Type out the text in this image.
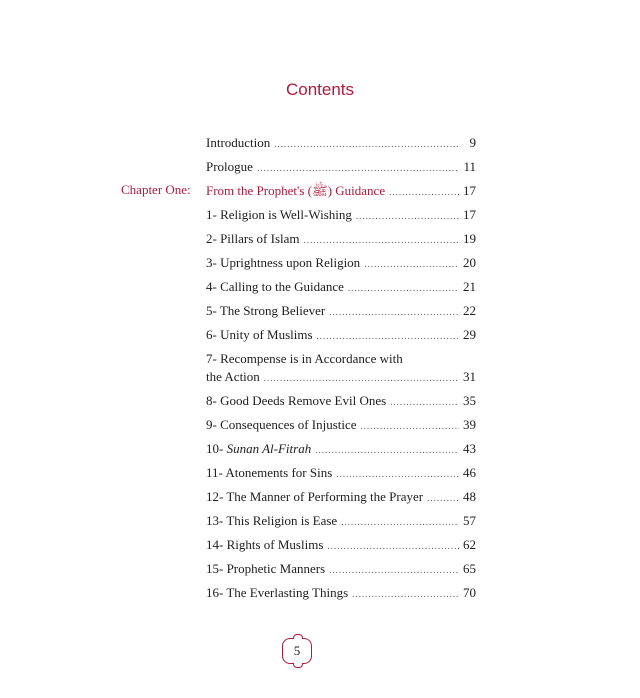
Contents
Chapter One:
Introduction .....	9
Prologue .....	11
From the Prophet's (ﷺ) Guidance .....	17
1- Religion is Well-Wishing .....	17
2- Pillars of Islam .....	19
3- Uprightness upon Religion .....	20
4- Calling to the Guidance .....	21
5- The Strong Believer .....	22
6- Unity of Muslims .....	29
7- Recompense is in Accordance with
the Action .....	31
8- Good Deeds Remove Evil Ones .....	35
9- Consequences of Injustice .....	39
10- Sunan Al-Fitrah .....	43
11- Atonements for Sins .....	46
12- The Manner of Performing the Prayer .....	48
13- This Religion is Ease .....	57
14- Rights of Muslims .....	62
15- Prophetic Manners .....	65
16- The Everlasting Things .....	70
5
